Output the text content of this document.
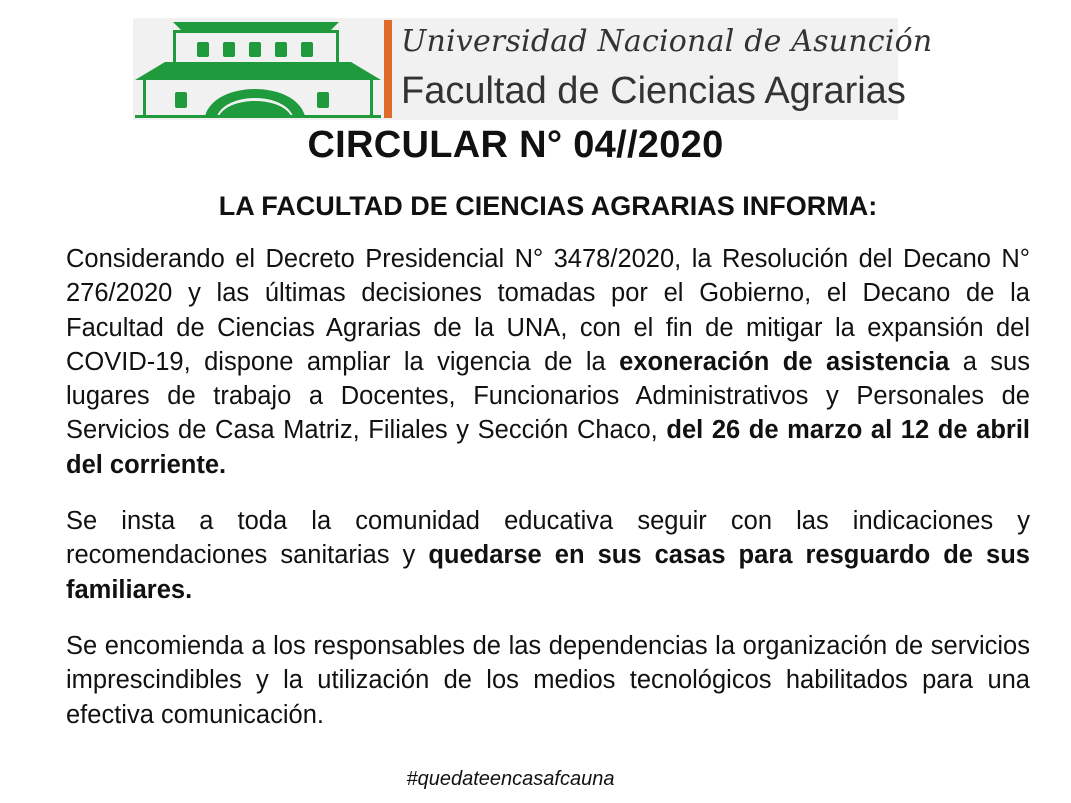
Universidad Nacional de Asunción
Facultad de Ciencias Agrarias
CIRCULAR N° 04//2020
LA FACULTAD DE CIENCIAS AGRARIAS INFORMA:

Considerando el Decreto Presidencial N° 3478/2020, la Resolución del Decano N° 276/2020 y las últimas decisiones tomadas por el Gobierno, el Decano de la Facultad de Ciencias Agrarias de la UNA, con el fin de mitigar la expansión del COVID-19, dispone ampliar la vigencia de la exoneración de asistencia a sus lugares de trabajo a Docentes, Funcionarios Administrativos y Personales de Servicios de Casa Matriz, Filiales y Sección Chaco, del 26 de marzo al 12 de abril del corriente.

Se insta a toda la comunidad educativa seguir con las indicaciones y recomendaciones sanitarias y quedarse en sus casas para resguardo de sus familiares.

Se encomienda a los responsables de las dependencias la organización de servicios imprescindibles y la utilización de los medios tecnológicos habilitados para una efectiva comunicación.

#quedateencasafcauna
